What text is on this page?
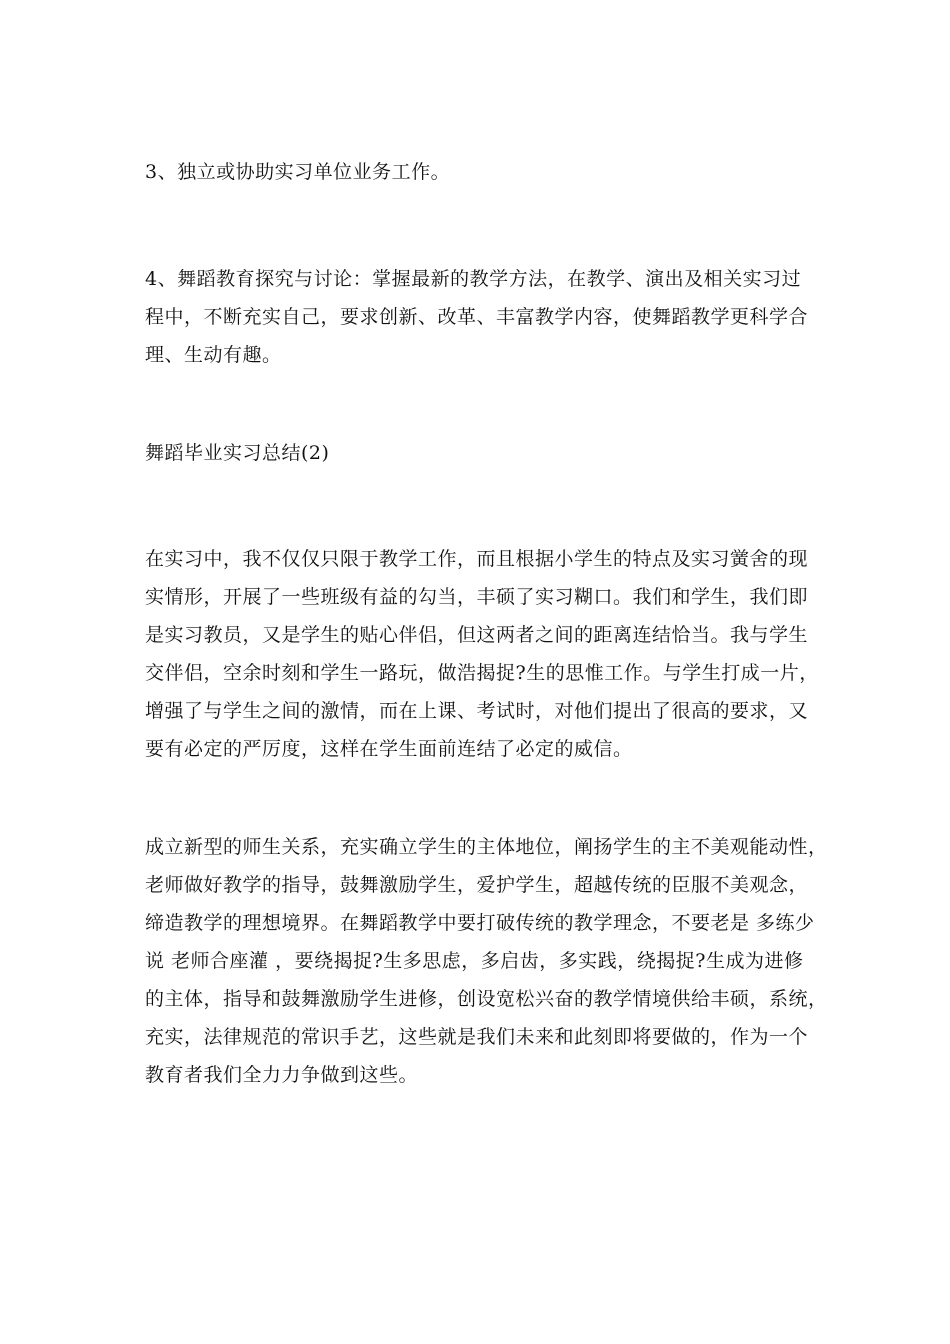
3、独立或协助实习单位业务工作。
4、舞蹈教育探究与讨论：掌握最新的教学方法，在教学、演出及相关实习过
程中，不断充实自己，要求创新、改革、丰富教学内容，使舞蹈教学更科学合
理、生动有趣。
舞蹈毕业实习总结(2)
在实习中，我不仅仅只限于教学工作，而且根据小学生的特点及实习黉舍的现
实情形，开展了一些班级有益的勾当，丰硕了实习糊口。我们和学生，我们即
是实习教员，又是学生的贴心伴侣，但这两者之间的距离连结恰当。我与学生
交伴侣，空余时刻和学生一路玩，做浩揭捉?生的思惟工作。与学生打成一片，
增强了与学生之间的激情，而在上课、考试时，对他们提出了很高的要求，又
要有必定的严厉度，这样在学生面前连结了必定的威信。
成立新型的师生关系，充实确立学生的主体地位，阐扬学生的主不美观能动性，
老师做好教学的指导，鼓舞激励学生，爱护学生，超越传统的臣服不美观念，
缔造教学的理想境界。在舞蹈教学中要打破传统的教学理念，不要老是 多练少
说 老师合座灌 ，要绕揭捉?生多思虑，多启齿，多实践，绕揭捉?生成为进修
的主体，指导和鼓舞激励学生进修，创设宽松兴奋的教学情境供给丰硕，系统，
充实，法律规范的常识手艺，这些就是我们未来和此刻即将要做的，作为一个
教育者我们全力力争做到这些。
